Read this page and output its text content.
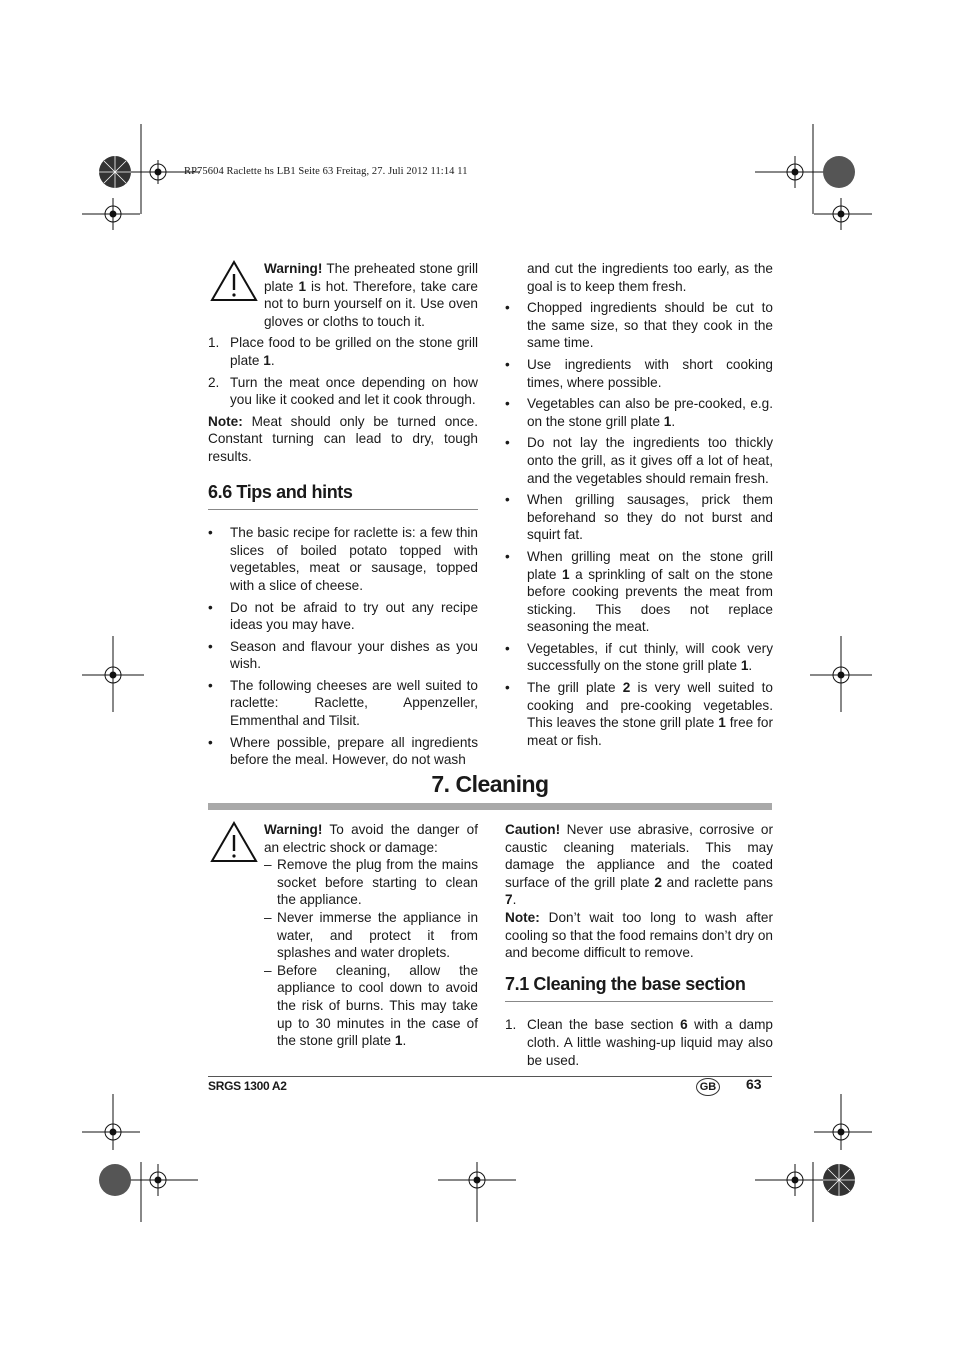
RP75604 Raclette hs LB1 Seite 63 Freitag, 27. Juli 2012 11:14 11

Warning! The preheated stone grill plate 1 is hot. Therefore, take care not to burn yourself on it. Use oven gloves or cloths to touch it.

1. Place food to be grilled on the stone grill plate 1.
2. Turn the meat once depending on how you like it cooked and let it cook through.

Note: Meat should only be turned once. Constant turning can lead to dry, tough results.

6.6 Tips and hints
• The basic recipe for raclette is: a few thin slices of boiled potato topped with vegetables, meat or sausage, topped with a slice of cheese.
• Do not be afraid to try out any recipe ideas you may have.
• Season and flavour your dishes as you wish.
• The following cheeses are well suited to raclette: Raclette, Appenzeller, Emmenthal and Tilsit.
• Where possible, prepare all ingredients before the meal. However, do not wash
and cut the ingredients too early, as the goal is to keep them fresh.
• Chopped ingredients should be cut to the same size, so that they cook in the same time.
• Use ingredients with short cooking times, where possible.
• Vegetables can also be pre-cooked, e.g. on the stone grill plate 1.
• Do not lay the ingredients too thickly onto the grill, as it gives off a lot of heat, and the vegetables should remain fresh.
• When grilling sausages, prick them beforehand so they do not burst and squirt fat.
• When grilling meat on the stone grill plate 1 a sprinkling of salt on the stone before cooking prevents the meat from sticking. This does not replace seasoning the meat.
• Vegetables, if cut thinly, will cook very successfully on the stone grill plate 1.
• The grill plate 2 is very well suited to cooking and pre-cooking vegetables. This leaves the stone grill plate 1 free for meat or fish.
7. Cleaning

Warning! To avoid the danger of an electric shock or damage:

– Remove the plug from the mains socket before starting to clean the appliance.
– Never immerse the appliance in water, and protect it from splashes and water droplets.
– Before cleaning, allow the appliance to cool down to avoid the risk of burns. This may take up to 30 minutes in the case of the stone grill plate 1.

Caution! Never use abrasive, corrosive or caustic cleaning materials. This may damage the appliance and the coated surface of the grill plate 2 and raclette pans 7.

Note: Don’t wait too long to wash after cooling so that the food remains don’t dry on and become difficult to remove.

7.1 Cleaning the base section
1. Clean the base section 6 with a damp cloth. A little washing-up liquid may also be used.
SRGS 1300 A2	GB 63
